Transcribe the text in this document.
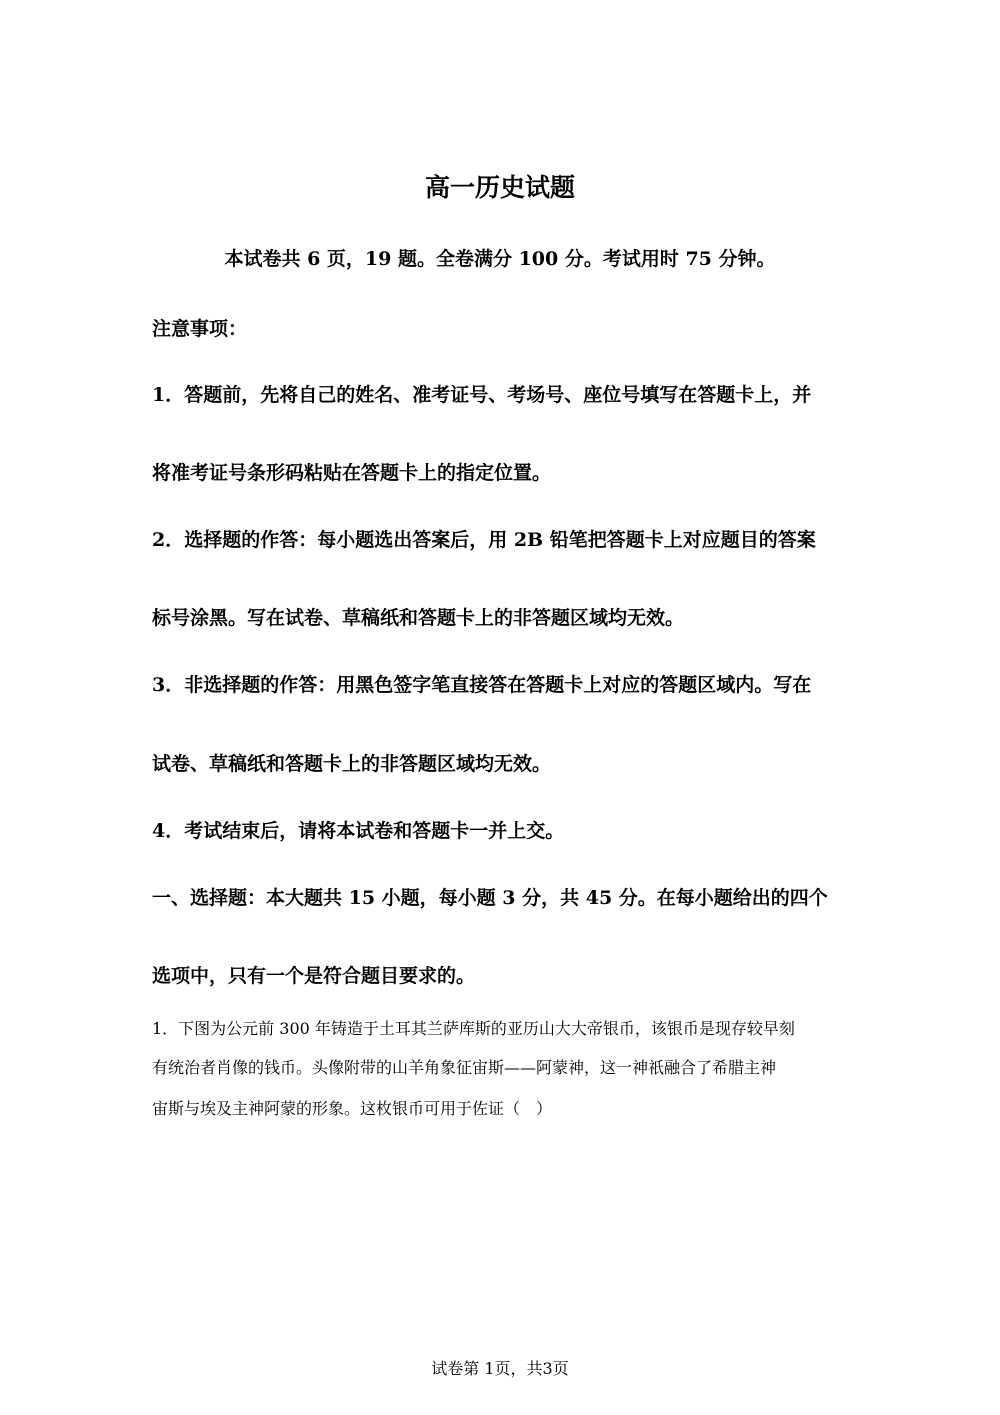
高一历史试题
本试卷共 6 页，19 题。全卷满分 100 分。考试用时 75 分钟。
注意事项：
1．答题前，先将自己的姓名、准考证号、考场号、座位号填写在答题卡上，并
将准考证号条形码粘贴在答题卡上的指定位置。
2．选择题的作答：每小题选出答案后，用 2B 铅笔把答题卡上对应题目的答案
标号涂黑。写在试卷、草稿纸和答题卡上的非答题区域均无效。
3．非选择题的作答：用黑色签字笔直接答在答题卡上对应的答题区域内。写在
试卷、草稿纸和答题卡上的非答题区域均无效。
4．考试结束后，请将本试卷和答题卡一并上交。
一、选择题：本大题共 15 小题，每小题 3 分，共 45 分。在每小题给出的四个
选项中，只有一个是符合题目要求的。
1．下图为公元前 300 年铸造于土耳其兰萨库斯的亚历山大大帝银币，该银币是现存较早刻
有统治者肖像的钱币。头像附带的山羊角象征宙斯——阿蒙神，这一神祇融合了希腊主神
宙斯与埃及主神阿蒙的形象。这枚银币可用于佐证（　）
试卷第 1页，共3页
